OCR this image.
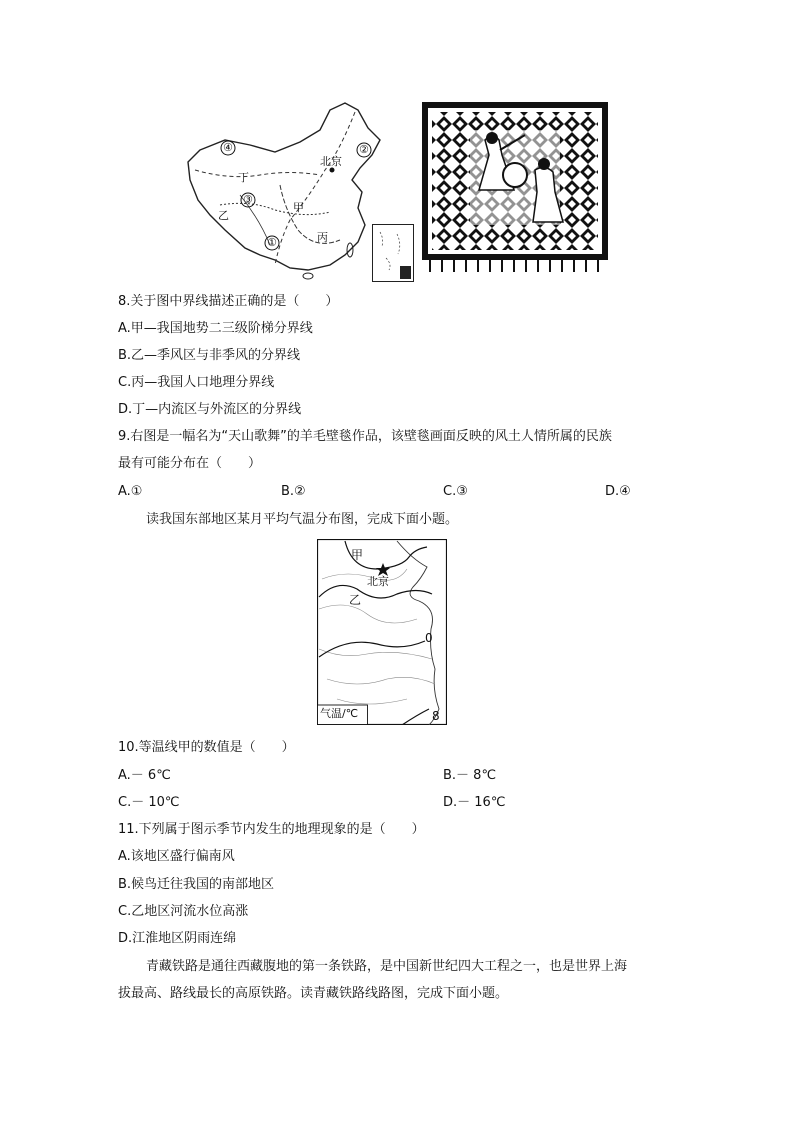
①
②
③
④
北京
甲
乙
丙
丁
8.关于图中界线描述正确的是（　　）
A.甲—我国地势二三级阶梯分界线
B.乙—季风区与非季风的分界线
C.丙—我国人口地理分界线
D.丁—内流区与外流区的分界线
9.右图是一幅名为“天山歌舞”的羊毛壁毯作品，该壁毯画面反映的风土人情所属的民族
最有可能分布在（　　）
A.①	B.②	C.③	D.④
读我国东部地区某月平均气温分布图，完成下面小题。
甲
北京
乙
0
8
气温/℃
10.等温线甲的数值是（　　）
A.－ 6℃	B.－ 8℃
C.－ 10℃	D.－ 16℃
11.下列属于图示季节内发生的地理现象的是（　　）
A.该地区盛行偏南风
B.候鸟迁往我国的南部地区
C.乙地区河流水位高涨
D.江淮地区阴雨连绵
青藏铁路是通往西藏腹地的第一条铁路，是中国新世纪四大工程之一，也是世界上海
拔最高、路线最长的高原铁路。读青藏铁路线路图，完成下面小题。
